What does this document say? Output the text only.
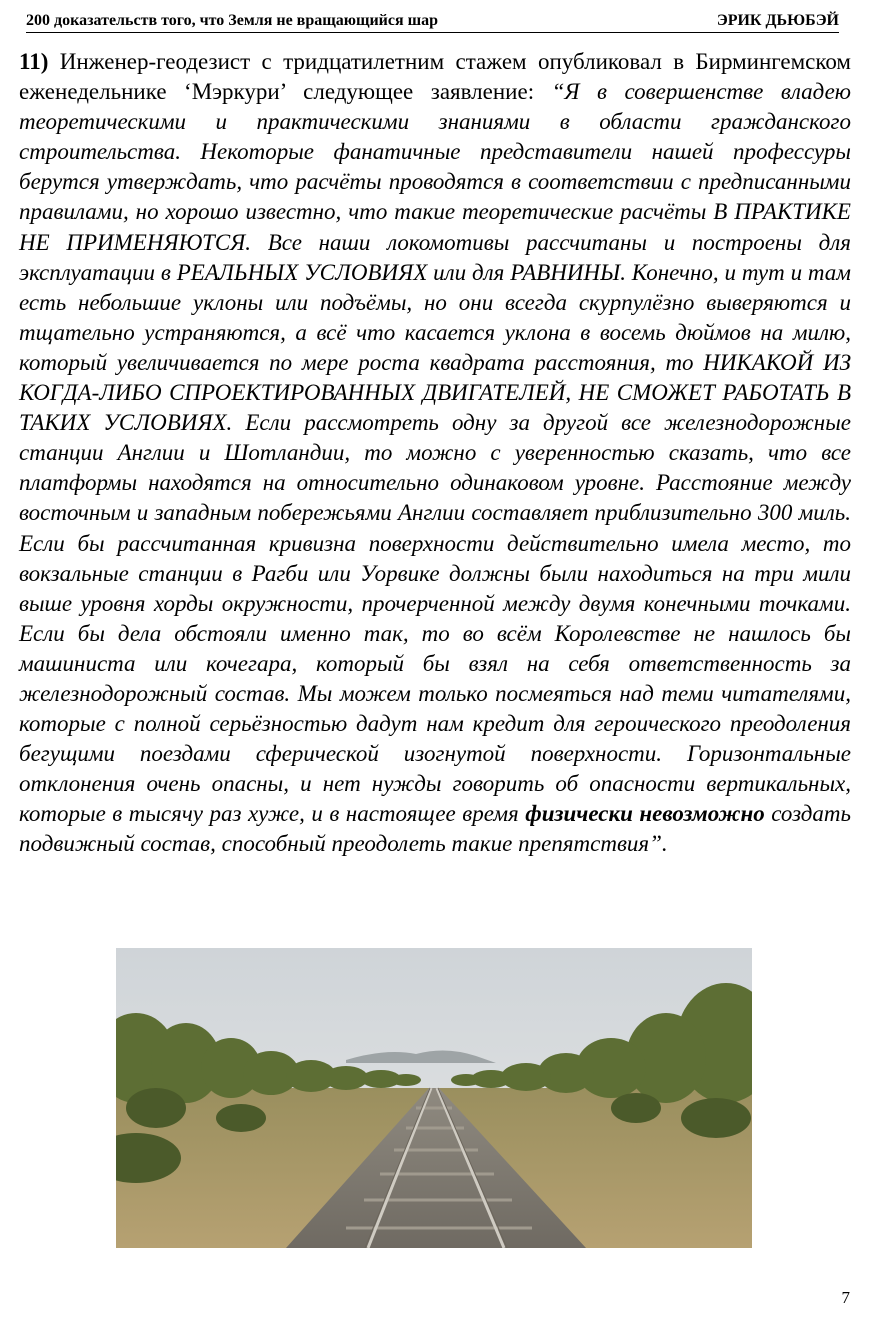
200 доказательств того, что Земля не вращающийся шар	ЭРИК ДЬЮБЭЙ
11) Инженер-геодезист с тридцатилетним стажем опубликовал в Бирмингемском еженедельнике ‘Мэркури’ следующее заявление: “Я в совершенстве владею теоретическими и практическими знаниями в области гражданского строительства. Некоторые фанатичные представители нашей профессуры берутся утверждать, что расчёты проводятся в соответствии с предписанными правилами, но хорошо известно, что такие теоретические расчёты В ПРАКТИКЕ НЕ ПРИМЕНЯЮТСЯ. Все наши локомотивы рассчитаны и построены для эксплуатации в РЕАЛЬНЫХ УСЛОВИЯХ или для РАВНИНЫ. Конечно, и тут и там есть небольшие уклоны или подъёмы, но они всегда скурпулёзно выверяются и тщательно устраняются, а всё что касается уклона в восемь дюймов на милю, который увеличивается по мере роста квадрата расстояния, то НИКАКОЙ ИЗ КОГДА-ЛИБО СПРОЕКТИРОВАННЫХ ДВИГАТЕЛЕЙ, НЕ СМОЖЕТ РАБОТАТЬ В ТАКИХ УСЛОВИЯХ. Если рассмотреть одну за другой все железнодорожные станции Англии и Шотландии, то можно с уверенностью сказать, что все платформы находятся на относительно одинаковом уровне. Расстояние между восточным и западным побережьями Англии составляет приблизительно 300 миль. Если бы рассчитанная кривизна поверхности действительно имела место, то вокзальные станции в Рагби или Уорвике должны были находиться на три мили выше уровня хорды окружности, прочерченной между двумя конечными точками. Если бы дела обстояли именно так, то во всём Королевстве не нашлось бы машиниста или кочегара, который бы взял на себя ответственность за железнодорожный состав. Мы можем только посмеяться над теми читателями, которые с полной серьёзностью дадут нам кредит для героического преодоления бегущими поездами сферической изогнутой поверхности. Горизонтальные отклонения очень опасны, и нет нужды говорить об опасности вертикальных, которые в тысячу раз хуже, и в настоящее время физически невозможно создать подвижный состав, способный преодолеть такие препятствия”.
7
